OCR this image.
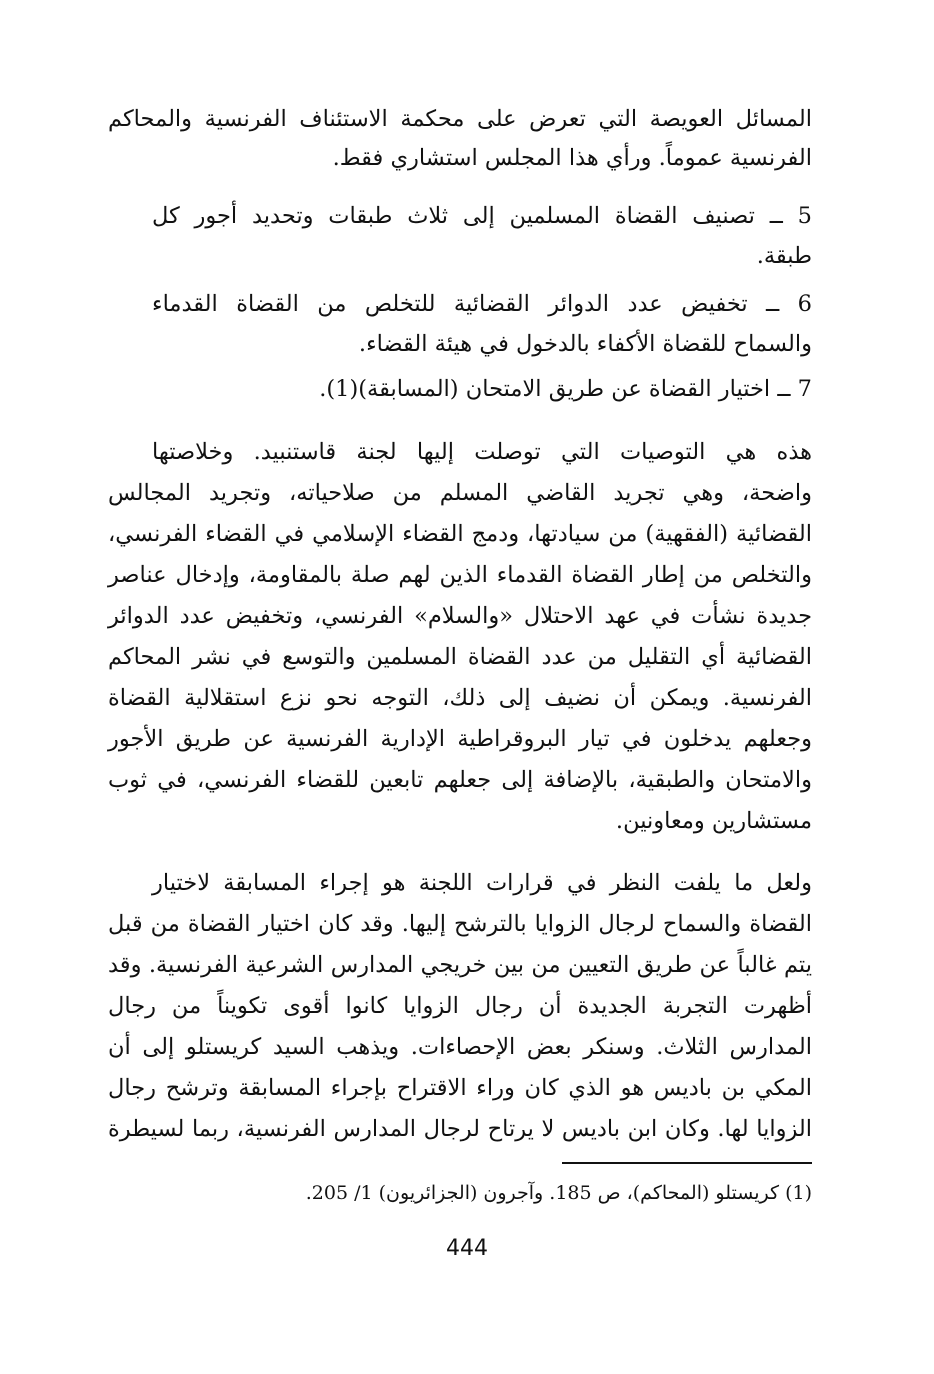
المسائل العويصة التي تعرض على محكمة الاستئناف الفرنسية والمحاكم
الفرنسية عموماً. ورأي هذا المجلس استشاري فقط.
5 ــ تصنيف القضاة المسلمين إلى ثلاث طبقات وتحديد أجور كل
طبقة.
6 ــ تخفيض عدد الدوائر القضائية للتخلص من القضاة القدماء
والسماح للقضاة الأكفاء بالدخول في هيئة القضاء.
7 ــ اختيار القضاة عن طريق الامتحان (المسابقة)(1).
هذه هي التوصيات التي توصلت إليها لجنة قاستنبيد. وخلاصتها
واضحة، وهي تجريد القاضي المسلم من صلاحياته، وتجريد المجالس
القضائية (الفقهية) من سيادتها، ودمج القضاء الإسلامي في القضاء الفرنسي،
والتخلص من إطار القضاة القدماء الذين لهم صلة بالمقاومة، وإدخال عناصر
جديدة نشأت في عهد الاحتلال «والسلام» الفرنسي، وتخفيض عدد الدوائر
القضائية أي التقليل من عدد القضاة المسلمين والتوسع في نشر المحاكم
الفرنسية. ويمكن أن نضيف إلى ذلك، التوجه نحو نزع استقلالية القضاة
وجعلهم يدخلون في تيار البروقراطية الإدارية الفرنسية عن طريق الأجور
والامتحان والطبقية، بالإضافة إلى جعلهم تابعين للقضاء الفرنسي، في ثوب
مستشارين ومعاونين.
ولعل ما يلفت النظر في قرارات اللجنة هو إجراء المسابقة لاختيار
القضاة والسماح لرجال الزوايا بالترشح إليها. وقد كان اختيار القضاة من قبل
يتم غالباً عن طريق التعيين من بين خريجي المدارس الشرعية الفرنسية. وقد
أظهرت التجربة الجديدة أن رجال الزوايا كانوا أقوى تكويناً من رجال
المدارس الثلاث. وسنكر بعض الإحصاءات. ويذهب السيد كريستلو إلى أن
المكي بن باديس هو الذي كان وراء الاقتراح بإجراء المسابقة وترشح رجال
الزوايا لها. وكان ابن باديس لا يرتاح لرجال المدارس الفرنسية، ربما لسيطرة
(1) كريستلو (المحاكم)، ص 185. وآجرون (الجزائريون) 1/ 205.
444
